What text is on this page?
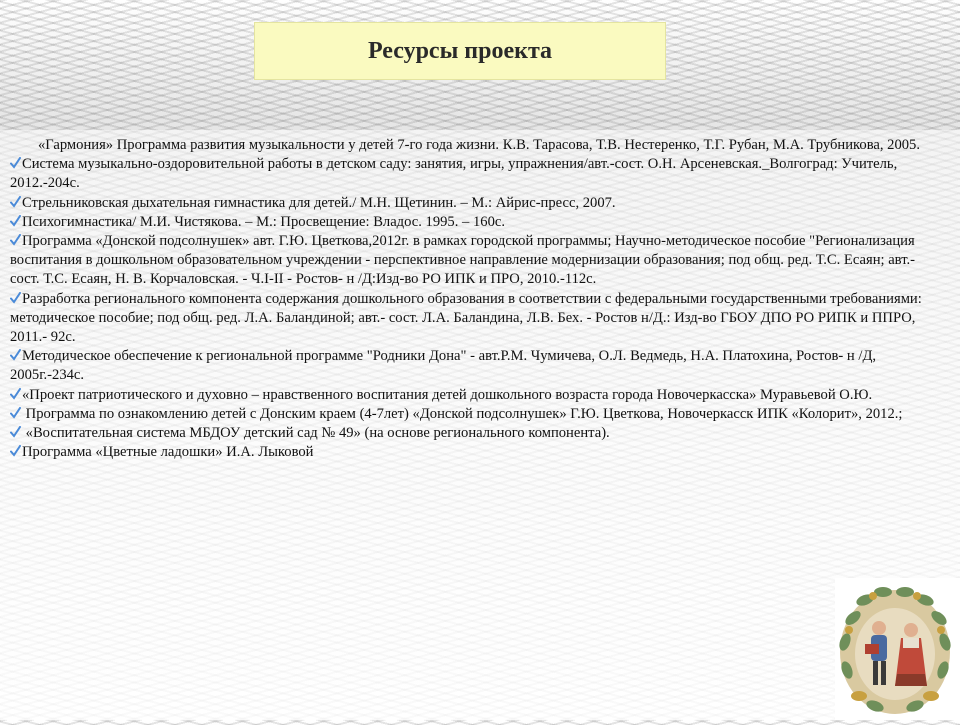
Ресурсы проекта
«Гармония» Программа развития музыкальности у детей 7-го года жизни. К.В. Тарасова, Т.В. Нестеренко, Т.Г. Рубан, М.А. Трубникова, 2005.
Система музыкально-оздоровительной работы в детском саду: занятия, игры, упражнения/авт.-сост. О.Н. Арсеневская._Волгоград: Учитель, 2012.-204с.
Стрельниковская дыхательная гимнастика для детей./ М.Н. Щетинин. – М.: Айрис-пресс, 2007.
Психогимнастика/ М.И. Чистякова. – М.: Просвещение: Владос. 1995. – 160с.
Программа «Донской подсолнушек» авт. Г.Ю. Цветкова,2012г. в рамках городской программы; Научно-методическое пособие "Регионализация воспитания в дошкольном образовательном учреждении - перспективное направление модернизации образования; под общ. ред. Т.С. Есаян; авт.- сост. Т.С. Есаян, Н. В. Корчаловская. - Ч.I-II - Ростов- н /Д:Изд-во РО ИПК и ПРО, 2010.-112с.
Разработка регионального компонента содержания дошкольного образования в соответствии с федеральными государственными требованиями: методическое пособие; под общ. ред. Л.А. Баландиной; авт.- сост. Л.А. Баландина, Л.В. Бех. - Ростов н/Д.: Изд-во ГБОУ ДПО РО РИПК и ППРО, 2011.- 92с.
Методическое обеспечение к региональной программе "Родники Дона" - авт.Р.М. Чумичева, О.Л. Ведмедь, Н.А. Платохина, Ростов- н /Д, 2005г.-234с.
«Проект патриотического и духовно – нравственного воспитания детей дошкольного возраста города Новочеркасска» Муравьевой О.Ю.
Программа по ознакомлению детей с Донским краем (4-7лет) «Донской подсолнушек» Г.Ю. Цветкова, Новочеркасск ИПК «Колорит», 2012.;
«Воспитательная система МБДОУ детский сад № 49» (на основе регионального компонента).
Программа «Цветные ладошки» И.А. Лыковой
